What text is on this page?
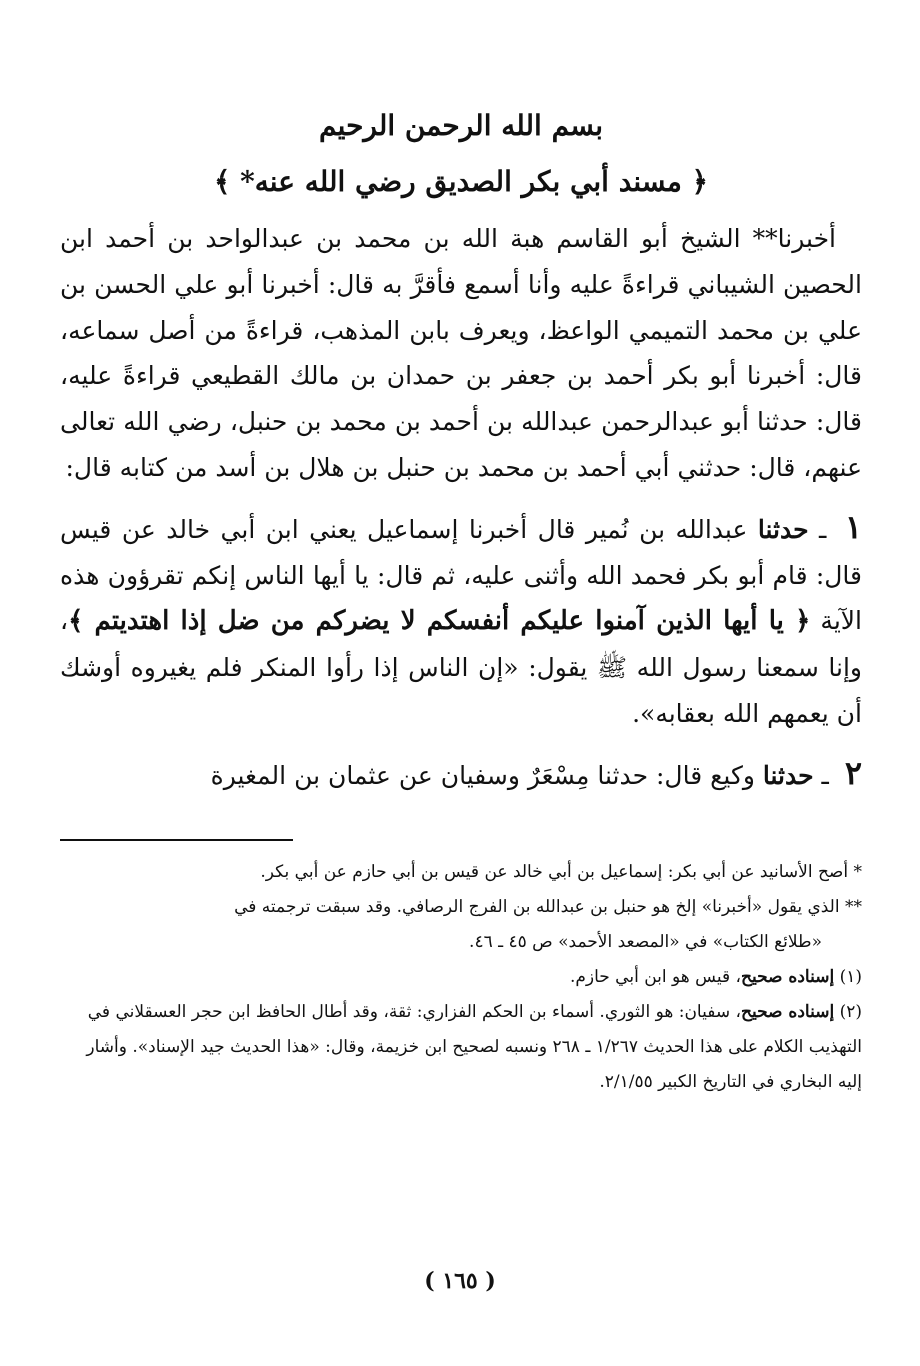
بسم الله الرحمن الرحيم
﴿ مسند أبي بكر الصديق رضي الله عنه* ﴾

أخبرنا** الشيخ أبو القاسم هبة الله بن محمد بن عبدالواحد بن أحمد ابن الحصين الشيباني قراءةً عليه وأنا أسمع فأقرَّ به قال: أخبرنا أبو علي الحسن بن علي بن محمد التميمي الواعظ، ويعرف بابن المذهب، قراءةً من أصل سماعه، قال: أخبرنا أبو بكر أحمد بن جعفر بن حمدان بن مالك القطيعي قراءةً عليه، قال: حدثنا أبو عبدالرحمن عبدالله بن أحمد بن محمد بن حنبل، رضي الله تعالى عنهم، قال: حدثني أبي أحمد بن محمد بن حنبل بن هلال بن أسد من كتابه قال:

١ ـ حدثنا عبدالله بن نُمير قال أخبرنا إسماعيل يعني ابن أبي خالد عن قيس قال: قام أبو بكر فحمد الله وأثنى عليه، ثم قال: يا أيها الناس إنكم تقرؤون هذه الآية ﴿ يا أيها الذين آمنوا عليكم أنفسكم لا يضركم من ضل إذا اهتديتم ﴾، وإنا سمعنا رسول الله ﷺ يقول: «إن الناس إذا رأوا المنكر فلم يغيروه أوشك أن يعمهم الله بعقابه».

٢ ـ حدثنا وكيع قال: حدثنا مِسْعَرٌ وسفيان عن عثمان بن المغيرة

* أصح الأسانيد عن أبي بكر: إسماعيل بن أبي خالد عن قيس بن أبي حازم عن أبي بكر.

** الذي يقول «أخبرنا» إلخ هو حنبل بن عبدالله بن الفرج الرصافي. وقد سبقت ترجمته في

«طلائع الكتاب» في «المصعد الأحمد» ص ٤٥ ـ ٤٦.

(١) إسناده صحيح، قيس هو ابن أبي حازم.

(٢) إسناده صحيح، سفيان: هو الثوري. أسماء بن الحكم الفزاري: ثقة، وقد أطال الحافظ ابن حجر العسقلاني في التهذيب الكلام على هذا الحديث ١/٢٦٧ ـ ٢٦٨ ونسبه لصحيح ابن خزيمة، وقال: «هذا الحديث جيد الإسناد». وأشار إليه البخاري في التاريخ الكبير ٢/١/٥٥.

( ١٦٥ )
